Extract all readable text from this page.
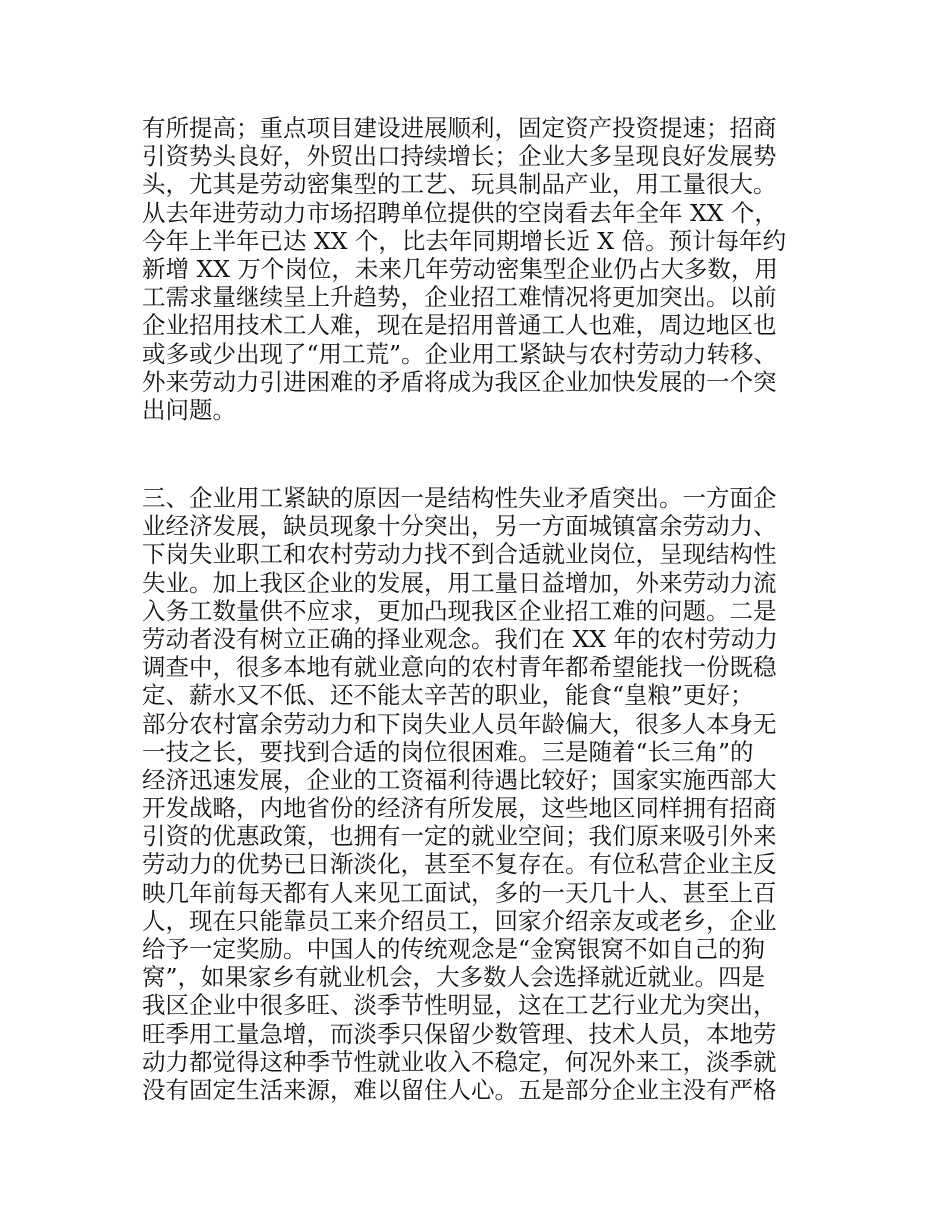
有所提高；重点项目建设进展顺利，固定资产投资提速；招商
引资势头良好，外贸出口持续增长；企业大多呈现良好发展势
头，尤其是劳动密集型的工艺、玩具制品产业，用工量很大。
从去年进劳动力市场招聘单位提供的空岗看去年全年 XX 个，
今年上半年已达 XX 个，比去年同期增长近 X 倍。预计每年约
新增 XX 万个岗位，未来几年劳动密集型企业仍占大多数，用
工需求量继续呈上升趋势，企业招工难情况将更加突出。以前
企业招用技术工人难，现在是招用普通工人也难，周边地区也
或多或少出现了“用工荒”。企业用工紧缺与农村劳动力转移、
外来劳动力引进困难的矛盾将成为我区企业加快发展的一个突
出问题。
三、企业用工紧缺的原因一是结构性失业矛盾突出。一方面企
业经济发展，缺员现象十分突出，另一方面城镇富余劳动力、
下岗失业职工和农村劳动力找不到合适就业岗位，呈现结构性
失业。加上我区企业的发展，用工量日益增加，外来劳动力流
入务工数量供不应求，更加凸现我区企业招工难的问题。二是
劳动者没有树立正确的择业观念。我们在 XX 年的农村劳动力
调查中，很多本地有就业意向的农村青年都希望能找一份既稳
定、薪水又不低、还不能太辛苦的职业，能食“皇粮”更好；
部分农村富余劳动力和下岗失业人员年龄偏大，很多人本身无
一技之长，要找到合适的岗位很困难。三是随着“长三角”的
经济迅速发展，企业的工资福利待遇比较好；国家实施西部大
开发战略，内地省份的经济有所发展，这些地区同样拥有招商
引资的优惠政策，也拥有一定的就业空间；我们原来吸引外来
劳动力的优势已日渐淡化，甚至不复存在。有位私营企业主反
映几年前每天都有人来见工面试，多的一天几十人、甚至上百
人，现在只能靠员工来介绍员工，回家介绍亲友或老乡，企业
给予一定奖励。中国人的传统观念是“金窝银窝不如自己的狗
窝”，如果家乡有就业机会，大多数人会选择就近就业。四是
我区企业中很多旺、淡季节性明显，这在工艺行业尤为突出，
旺季用工量急增，而淡季只保留少数管理、技术人员，本地劳
动力都觉得这种季节性就业收入不稳定，何况外来工，淡季就
没有固定生活来源，难以留住人心。五是部分企业主没有严格
